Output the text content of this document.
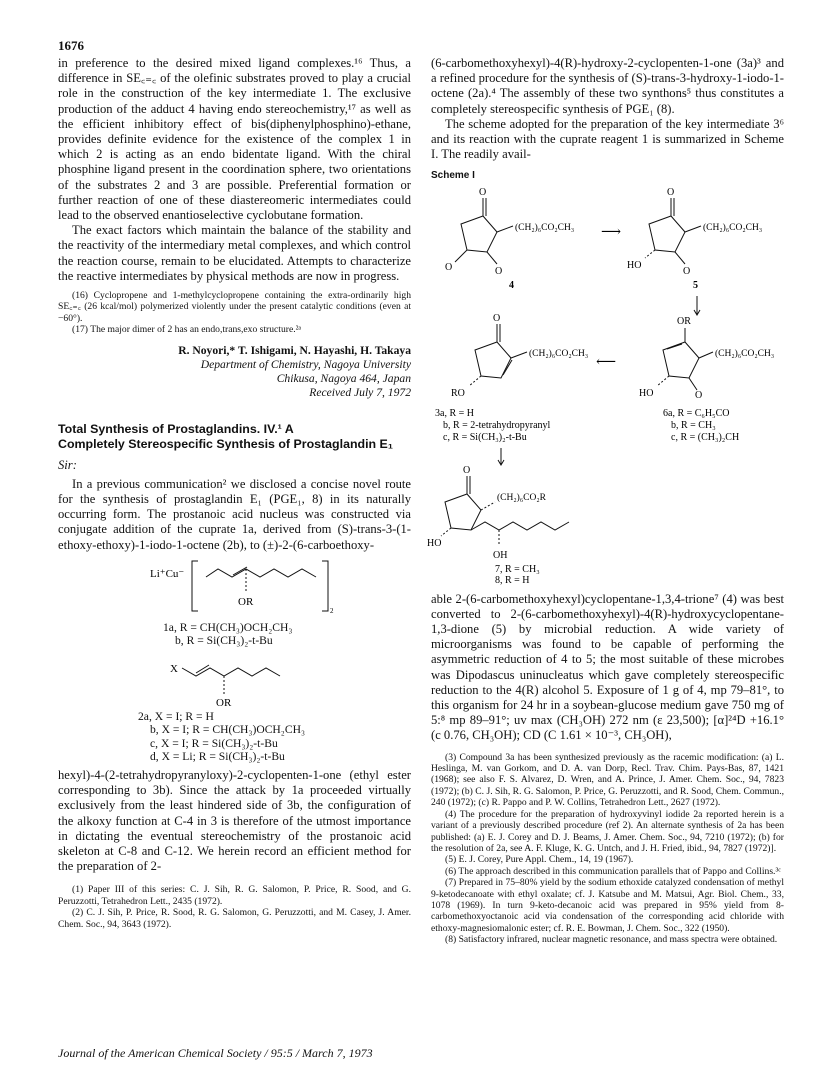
1676

in preference to the desired mixed ligand complexes.¹⁶ Thus, a difference in SE꜀₌꜀ of the olefinic substrates proved to play a crucial role in the construction of the key intermediate 1. The exclusive production of the adduct 4 having endo stereochemistry,¹⁷ as well as the efficient inhibitory effect of bis(diphenylphosphino)-ethane, provides definite evidence for the existence of the complex 1 in which 2 is acting as an endo bidentate ligand. With the chiral phosphine ligand present in the coordination sphere, two orientations of the substrates 2 and 3 are possible. Preferential formation or further reaction of one of these diastereomeric intermediates could lead to the observed enantioselective cyclobutane formation.

The exact factors which maintain the balance of the stability and the reactivity of the intermediary metal complexes, and which control the reaction course, remain to be elucidated. Attempts to characterize the reactive intermediates by physical methods are now in progress.

(16) Cyclopropene and 1-methylcyclopropene containing the extra-ordinarily high SE꜀₌꜀ (26 kcal/mol) polymerized violently under the present catalytic conditions (even at −60°).

(17) The major dimer of 2 has an endo,trans,exo structure.²ᵃ

R. Noyori,* T. Ishigami, N. Hayashi, H. Takaya
Department of Chemistry, Nagoya University
Chikusa, Nagoya 464, Japan
Received July 7, 1972
Total Synthesis of Prostaglandins. IV.¹ A
Completely Stereospecific Synthesis of Prostaglandin E₁
Sir:

In a previous communication² we disclosed a concise novel route for the synthesis of prostaglandin E₁ (PGE₁, 8) in its naturally occurring form. The prostanoic acid nucleus was constructed via conjugate addition of the cuprate 1a, derived from (S)-trans-3-(1-ethoxy-ethoxy)-1-iodo-1-octene (2b), to (±)-2-(6-carboethoxy-

Li⁺Cu⁻
2
OR
1a, R = CH(CH₃)OCH₂CH₃
b, R = Si(CH₃)₂-t-Bu
X
OR
2a, X = I; R = H
b, X = I; R = CH(CH₃)OCH₂CH₃
c, X = I; R = Si(CH₃)₂-t-Bu
d, X = Li; R = Si(CH₃)₂-t-Bu

hexyl)-4-(2-tetrahydropyranyloxy)-2-cyclopenten-1-one (ethyl ester corresponding to 3b). Since the attack by 1a proceeded virtually exclusively from the least hindered side of 3b, the configuration of the alkoxy function at C-4 in 3 is therefore of the utmost importance in dictating the eventual stereochemistry of the prostanoic acid skeleton at C-8 and C-12. We herein record an efficient method for the preparation of 2-

(1) Paper III of this series: C. J. Sih, R. G. Salomon, P. Price, R. Sood, and G. Peruzzotti, Tetrahedron Lett., 2435 (1972).

(2) C. J. Sih, P. Price, R. Sood, R. G. Salomon, G. Peruzzotti, and M. Casey, J. Amer. Chem. Soc., 94, 3643 (1972).

(6-carbomethoxyhexyl)-4(R)-hydroxy-2-cyclopenten-1-one (3a)³ and a refined procedure for the synthesis of (S)-trans-3-hydroxy-1-iodo-1-octene (2a).⁴ The assembly of these two synthons⁵ thus constitutes a completely stereospecific synthesis of PGE₁ (8).

The scheme adopted for the preparation of the key intermediate 3⁶ and its reaction with the cuprate reagent 1 is summarized in Scheme I. The readily avail-

Scheme I
O
O	O
(CH₂)₆CO₂CH₃
4
⟶
O
HO
O
(CH₂)₆CO₂CH₃
5
O
RO
(CH₂)₆CO₂CH₃
⟵
OR
HO	O
(CH₂)₆CO₂CH₃
3a, R = H
b, R = 2-tetrahydropyranyl
c, R = Si(CH₃)₂-t-Bu
6a, R = C₆H₅CO
b, R = CH₃
c, R = (CH₃)₂CH
O
HO
OH
(CH₂)₆CO₂R
7, R = CH₃
8, R = H

able 2-(6-carbomethoxyhexyl)cyclopentane-1,3,4-trione⁷ (4) was best converted to 2-(6-carbomethoxyhexyl)-4(R)-hydroxycyclopentane-1,3-dione (5) by microbial reduction. A wide variety of microorganisms was found to be capable of performing the asymmetric reduction of 4 to 5; the most suitable of these microbes was Dipodascus uninucleatus which gave completely stereospecific reduction to the 4(R) alcohol 5. Exposure of 1 g of 4, mp 79–81°, to this organism for 24 hr in a soybean-glucose medium gave 750 mg of 5:⁸ mp 89–91°; uv max (CH₃OH) 272 nm (ε 23,500); [α]²⁴D +16.1° (c 0.76, CH₃OH); CD (C 1.61 × 10⁻³, CH₃OH),

(3) Compound 3a has been synthesized previously as the racemic modification: (a) L. Heslinga, M. van Gorkom, and D. A. van Dorp, Recl. Trav. Chim. Pays-Bas, 87, 1421 (1968); see also F. S. Alvarez, D. Wren, and A. Prince, J. Amer. Chem. Soc., 94, 7823 (1972); (b) C. J. Sih, R. G. Salomon, P. Price, G. Peruzzotti, and R. Sood, Chem. Commun., 240 (1972); (c) R. Pappo and P. W. Collins, Tetrahedron Lett., 2627 (1972).

(4) The procedure for the preparation of hydroxyvinyl iodide 2a reported herein is a variant of a previously described procedure (ref 2). An alternate synthesis of 2a has been published: (a) E. J. Corey and D. J. Beams, J. Amer. Chem. Soc., 94, 7210 (1972); (b) for the resolution of 2a, see A. F. Kluge, K. G. Untch, and J. H. Fried, ibid., 94, 7827 (1972)].

(5) E. J. Corey, Pure Appl. Chem., 14, 19 (1967).

(6) The approach described in this communication parallels that of Pappo and Collins.³ᶜ

(7) Prepared in 75–80% yield by the sodium ethoxide catalyzed condensation of methyl 9-ketodecanoate with ethyl oxalate; cf. J. Katsube and M. Matsui, Agr. Biol. Chem., 33, 1078 (1969). In turn 9-keto-decanoic acid was prepared in 95% yield from 8-carbomethoxyoctanoic acid via condensation of the corresponding acid chloride with ethoxy-magnesiomalonic ester; cf. R. E. Bowman, J. Chem. Soc., 322 (1950).

(8) Satisfactory infrared, nuclear magnetic resonance, and mass spectra were obtained.

Journal of the American Chemical Society / 95:5 / March 7, 1973
